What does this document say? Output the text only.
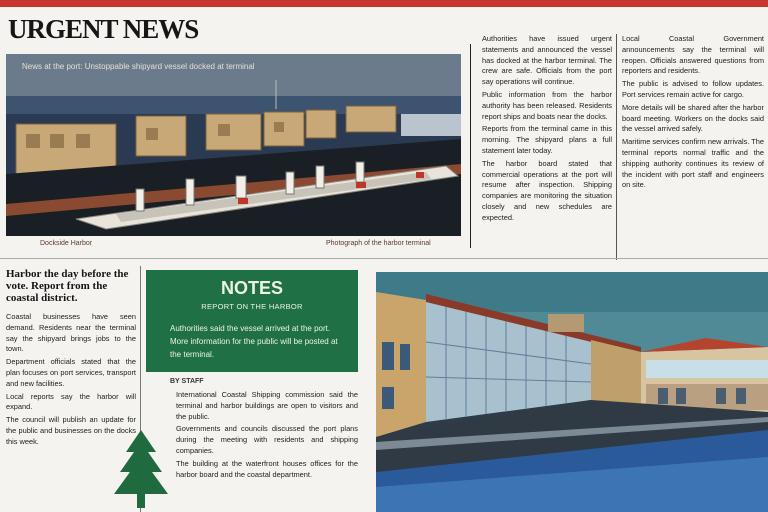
URGENT NEWS
News at the port: Unstoppable shipyard vessel docked at terminal
Dockside Harbor	Photograph of the harbor terminal

Authorities have issued urgent statements and announced the vessel has docked at the harbor terminal. The crew are safe. Officials from the port say operations will continue.

Public information from the harbor authority has been released. Residents report ships and boats near the docks.

Reports from the terminal came in this morning. The shipyard plans a full statement later today.

The harbor board stated that commercial operations at the port will resume after inspection. Shipping companies are monitoring the situation closely and new schedules are expected.

Local Coastal Government announcements say the terminal will reopen. Officials answered questions from reporters and residents.

The public is advised to follow updates. Port services remain active for cargo.

More details will be shared after the harbor board meeting. Workers on the docks said the vessel arrived safely.

Maritime services confirm new arrivals. The terminal reports normal traffic and the shipping authority continues its review of the incident with port staff and engineers on site.

Harbor the day before the vote. Report from the coastal district.

Coastal businesses have seen demand. Residents near the terminal say the shipyard brings jobs to the town.

Department officials stated that the plan focuses on port services, transport and new facilities.

Local reports say the harbor will expand.

The council will publish an update for the public and businesses on the docks this week.

NOTES
REPORT ON THE HARBOR
Authorities said the vessel arrived at the port. More information for the public will be posted at the terminal.
BY STAFF

International Coastal Shipping commission said the terminal and harbor buildings are open to visitors and the public.

Governments and councils discussed the port plans during the meeting with residents and shipping companies.

The building at the waterfront houses offices for the harbor board and the coastal department.
